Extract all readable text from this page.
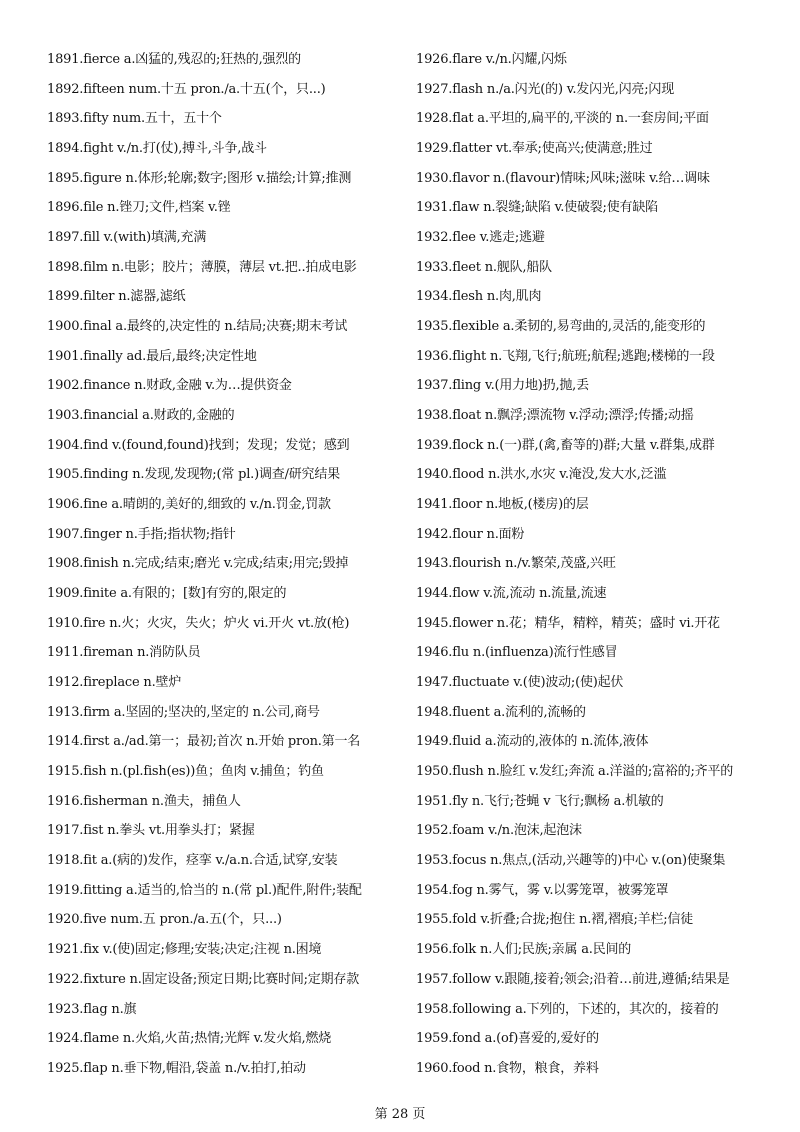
1891.fierce a.凶猛的,残忍的;狂热的,强烈的
1892.fifteen num.十五 pron./a.十五(个，只...)
1893.fifty num.五十，五十个
1894.fight v./n.打(仗),搏斗,斗争,战斗
1895.figure n.体形;轮廓;数字;图形 v.描绘;计算;推测
1896.file n.锉刀;文件,档案 v.锉
1897.fill v.(with)填满,充满
1898.film n.电影；胶片；薄膜，薄层 vt.把..拍成电影
1899.filter n.滤器,滤纸
1900.final a.最终的,决定性的 n.结局;决赛;期末考试
1901.finally ad.最后,最终;决定性地
1902.finance n.财政,金融 v.为…提供资金
1903.financial a.财政的,金融的
1904.find v.(found,found)找到；发现；发觉；感到
1905.finding n.发现,发现物;(常 pl.)调查/研究结果
1906.fine a.晴朗的,美好的,细致的 v./n.罚金,罚款
1907.finger n.手指;指状物;指针
1908.finish n.完成;结束;磨光 v.完成;结束;用完;毁掉
1909.finite a.有限的；[数]有穷的,限定的
1910.fire n.火；火灾，失火；炉火 vi.开火 vt.放(枪)
1911.fireman n.消防队员
1912.fireplace n.壁炉
1913.firm a.坚固的;坚决的,坚定的 n.公司,商号
1914.first a./ad.第一；最初;首次 n.开始 pron.第一名
1915.fish n.(pl.fish(es))鱼；鱼肉 v.捕鱼；钓鱼
1916.fisherman n.渔夫，捕鱼人
1917.fist n.拳头 vt.用拳头打；紧握
1918.fit a.(病的)发作，痉挛 v./a.n.合适,试穿,安装
1919.fitting a.适当的,恰当的 n.(常 pl.)配件,附件;装配
1920.five num.五 pron./a.五(个，只...)
1921.fix v.(使)固定;修理;安装;决定;注视 n.困境
1922.fixture n.固定设备;预定日期;比赛时间;定期存款
1923.flag n.旗
1924.flame n.火焰,火苗;热情;光辉 v.发火焰,燃烧
1925.flap n.垂下物,帽沿,袋盖 n./v.拍打,拍动
1926.flare v./n.闪耀,闪烁
1927.flash n./a.闪光(的) v.发闪光,闪亮;闪现
1928.flat a.平坦的,扁平的,平淡的 n.一套房间;平面
1929.flatter vt.奉承;使高兴;使满意;胜过
1930.flavor n.(flavour)情味;风味;滋味 v.给…调味
1931.flaw n.裂缝;缺陷 v.使破裂;使有缺陷
1932.flee v.逃走;逃避
1933.fleet n.舰队,船队
1934.flesh n.肉,肌肉
1935.flexible a.柔韧的,易弯曲的,灵活的,能变形的
1936.flight n.飞翔,飞行;航班;航程;逃跑;楼梯的一段
1937.fling v.(用力地)扔,抛,丢
1938.float n.飘浮;漂流物 v.浮动;漂浮;传播;动摇
1939.flock n.(一)群,(禽,畜等的)群;大量 v.群集,成群
1940.flood n.洪水,水灾 v.淹没,发大水,泛滥
1941.floor n.地板,(楼房)的层
1942.flour n.面粉
1943.flourish n./v.繁荣,茂盛,兴旺
1944.flow v.流,流动 n.流量,流速
1945.flower n.花；精华，精粹，精英；盛时 vi.开花
1946.flu n.(influenza)流行性感冒
1947.fluctuate v.(使)波动;(使)起伏
1948.fluent a.流利的,流畅的
1949.fluid a.流动的,液体的 n.流体,液体
1950.flush n.脸红 v.发红;奔流 a.洋溢的;富裕的;齐平的
1951.fly n.飞行;苍蝇 v 飞行;飘杨 a.机敏的
1952.foam v./n.泡沫,起泡沫
1953.focus n.焦点,(活动,兴趣等的)中心 v.(on)使聚集
1954.fog n.雾气，雾 v.以雾笼罩，被雾笼罩
1955.fold v.折叠;合拢;抱住 n.褶,褶痕;羊栏;信徒
1956.folk n.人们;民族;亲属 a.民间的
1957.follow v.跟随,接着;领会;沿着…前进,遵循;结果是
1958.following a.下列的，下述的，其次的，接着的
1959.fond a.(of)喜爱的,爱好的
1960.food n.食物，粮食，养料
第 28 页
